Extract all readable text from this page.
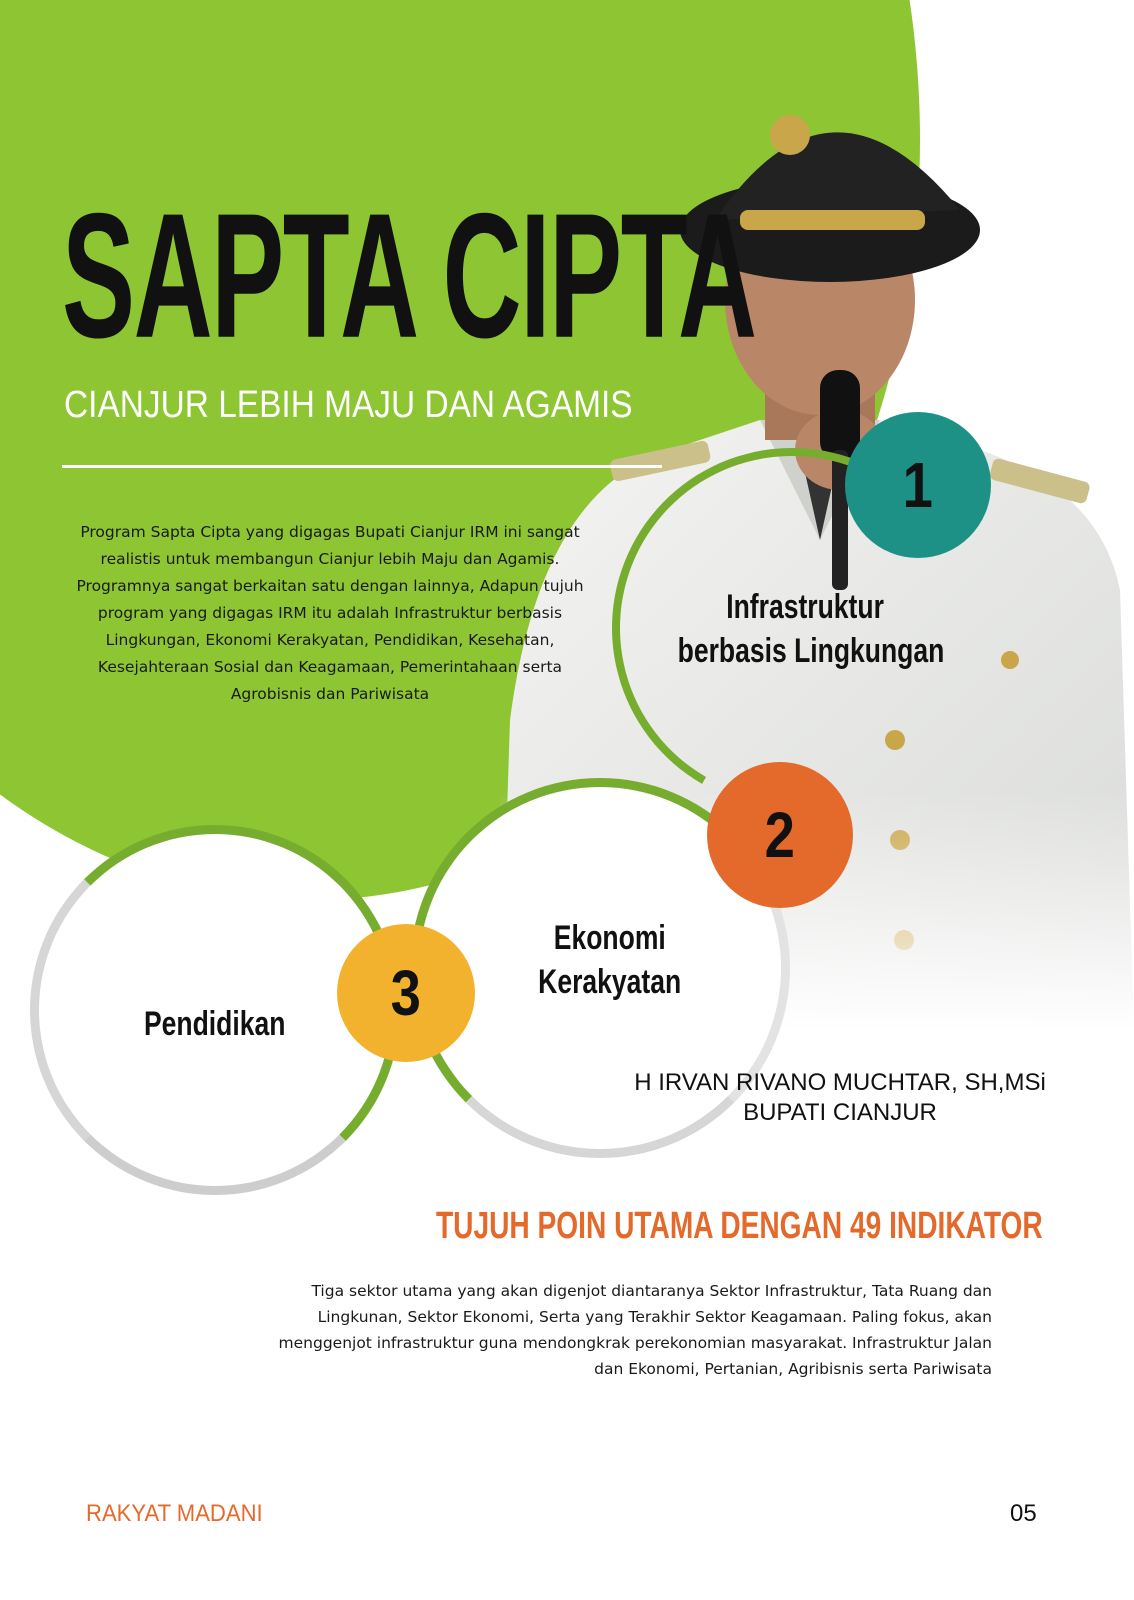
SAPTA CIPTA
CIANJUR LEBIH MAJU DAN AGAMIS

Program Sapta Cipta yang digagas Bupati Cianjur IRM ini sangat realistis untuk membangun Cianjur lebih Maju dan Agamis. Programnya sangat berkaitan satu dengan lainnya, Adapun tujuh program yang digagas IRM itu adalah Infrastruktur berbasis Lingkungan, Ekonomi Kerakyatan, Pendidikan, Kesehatan, Kesejahteraan Sosial dan Keagamaan, Pemerintahaan serta Agrobisnis dan Pariwisata

1
2
3
Infrastruktur
berbasis Lingkungan
Ekonomi
Kerakyatan
Pendidikan
H IRVAN RIVANO MUCHTAR, SH,MSi
BUPATI CIANJUR
TUJUH POIN UTAMA DENGAN 49 INDIKATOR

Tiga sektor utama yang akan digenjot diantaranya Sektor Infrastruktur, Tata Ruang dan Lingkunan, Sektor Ekonomi, Serta yang Terakhir Sektor Keagamaan. Paling fokus, akan menggenjot infrastruktur guna mendongkrak perekonomian masyarakat. Infrastruktur Jalan dan Ekonomi, Pertanian, Agribisnis serta Pariwisata

RAKYAT MADANI	05
